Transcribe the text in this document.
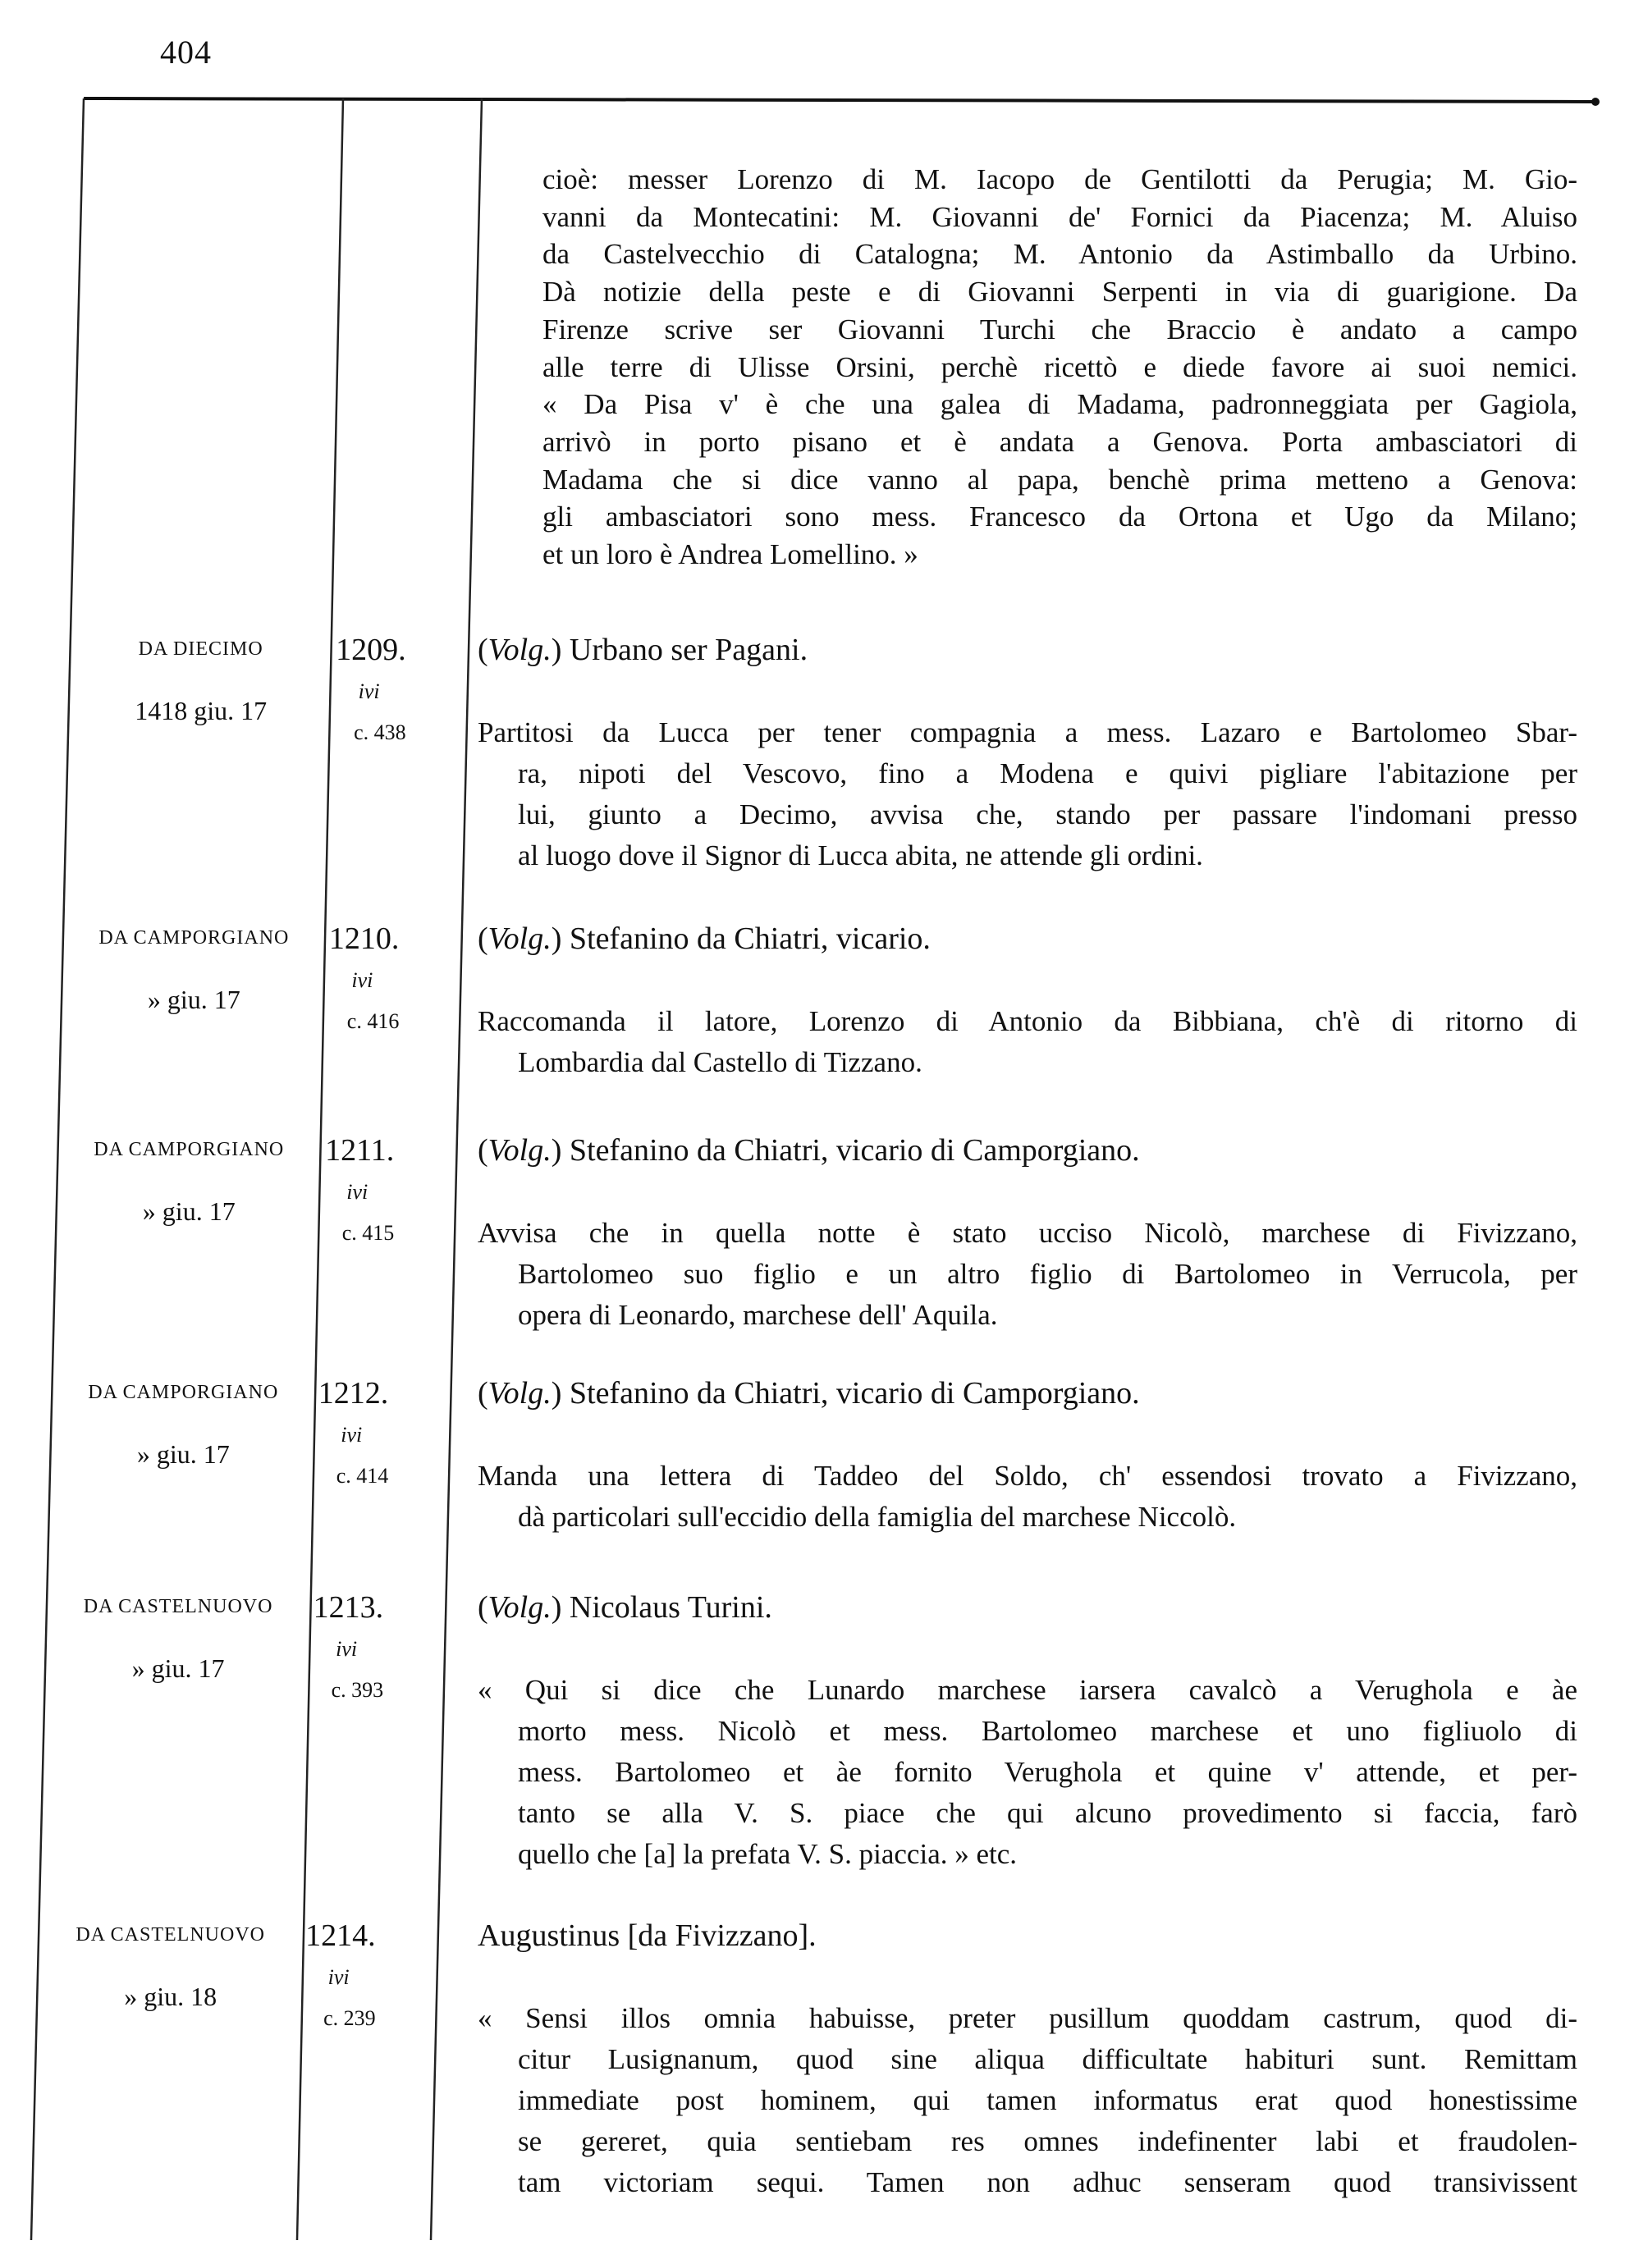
404
cioè: messer Lorenzo di M. Iacopo de Gentilotti da Perugia; M. Gio-
vanni da Montecatini: M. Giovanni de' Fornici da Piacenza; M. Aluiso
da Castelvecchio di Catalogna; M. Antonio da Astimballo da Urbino.
Dà notizie della peste e di Giovanni Serpenti in via di guarigione. Da
Firenze scrive ser Giovanni Turchi che Braccio è andato a campo
alle terre di Ulisse Orsini, perchè ricettò e diede favore ai suoi nemici.
« Da Pisa v' è che una galea di Madama, padronneggiata per Gagiola,
arrivò in porto pisano et è andata a Genova. Porta ambasciatori di
Madama che si dice vanno al papa, benchè prima metteno a Genova:
gli ambasciatori sono mess. Francesco da Ortona et Ugo da Milano;
et un loro è Andrea Lomellino. »
DA DIECIMO
1418 giu. 17
1209.
ivi
c. 438
(Volg.) Urbano ser Pagani.
Partitosi da Lucca per tener compagnia a mess. Lazaro e Bartolomeo Sbar-
ra, nipoti del Vescovo, fino a Modena e quivi pigliare l'abitazione per
lui, giunto a Decimo, avvisa che, stando per passare l'indomani presso
al luogo dove il Signor di Lucca abita, ne attende gli ordini.
DA CAMPORGIANO
» giu. 17
1210.
ivi
c. 416
(Volg.) Stefanino da Chiatri, vicario.
Raccomanda il latore, Lorenzo di Antonio da Bibbiana, ch'è di ritorno di
Lombardia dal Castello di Tizzano.
DA CAMPORGIANO
» giu. 17
1211.
ivi
c. 415
(Volg.) Stefanino da Chiatri, vicario di Camporgiano.
Avvisa che in quella notte è stato ucciso Nicolò, marchese di Fivizzano,
Bartolomeo suo figlio e un altro figlio di Bartolomeo in Verrucola, per
opera di Leonardo, marchese dell' Aquila.
DA CAMPORGIANO
» giu. 17
1212.
ivi
c. 414
(Volg.) Stefanino da Chiatri, vicario di Camporgiano.
Manda una lettera di Taddeo del Soldo, ch' essendosi trovato a Fivizzano,
dà particolari sull'eccidio della famiglia del marchese Niccolò.
DA CASTELNUOVO
» giu. 17
1213.
ivi
c. 393
(Volg.) Nicolaus Turini.
« Qui si dice che Lunardo marchese iarsera cavalcò a Verughola e àe
morto mess. Nicolò et mess. Bartolomeo marchese et uno figliuolo di
mess. Bartolomeo et àe fornito Verughola et quine v' attende, et per-
tanto se alla V. S. piace che qui alcuno provedimento si faccia, farò
quello che [a] la prefata V. S. piaccia. » etc.
DA CASTELNUOVO
» giu. 18
1214.
ivi
c. 239
Augustinus [da Fivizzano].
« Sensi illos omnia habuisse, preter pusillum quoddam castrum, quod di-
citur Lusignanum, quod sine aliqua difficultate habituri sunt. Remittam
immediate post hominem, qui tamen informatus erat quod honestissime
se gereret, quia sentiebam res omnes indefinenter labi et fraudolen-
tam victoriam sequi. Tamen non adhuc senseram quod transivissent
